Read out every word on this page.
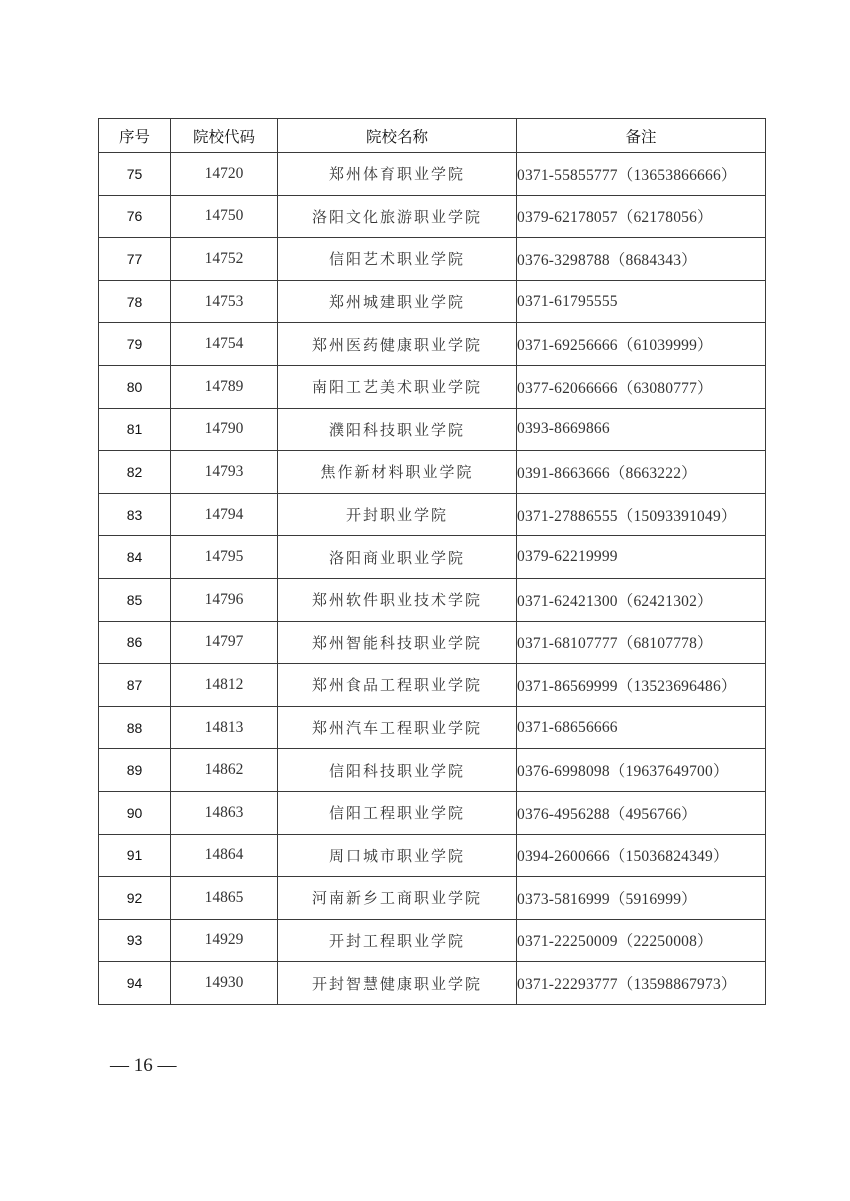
序号	院校代码	院校名称	备注
75	14720	郑州体育职业学院	0371-55855777（13653866666）
76	14750	洛阳文化旅游职业学院	0379-62178057（62178056）
77	14752	信阳艺术职业学院	0376-3298788（8684343）
78	14753	郑州城建职业学院	0371-61795555
79	14754	郑州医药健康职业学院	0371-69256666（61039999）
80	14789	南阳工艺美术职业学院	0377-62066666（63080777）
81	14790	濮阳科技职业学院	0393-8669866
82	14793	焦作新材料职业学院	0391-8663666（8663222）
83	14794	开封职业学院	0371-27886555（15093391049）
84	14795	洛阳商业职业学院	0379-62219999
85	14796	郑州软件职业技术学院	0371-62421300（62421302）
86	14797	郑州智能科技职业学院	0371-68107777（68107778）
87	14812	郑州食品工程职业学院	0371-86569999（13523696486）
88	14813	郑州汽车工程职业学院	0371-68656666
89	14862	信阳科技职业学院	0376-6998098（19637649700）
90	14863	信阳工程职业学院	0376-4956288（4956766）
91	14864	周口城市职业学院	0394-2600666（15036824349）
92	14865	河南新乡工商职业学院	0373-5816999（5916999）
93	14929	开封工程职业学院	0371-22250009（22250008）
94	14930	开封智慧健康职业学院	0371-22293777（13598867973）
— 16 —
